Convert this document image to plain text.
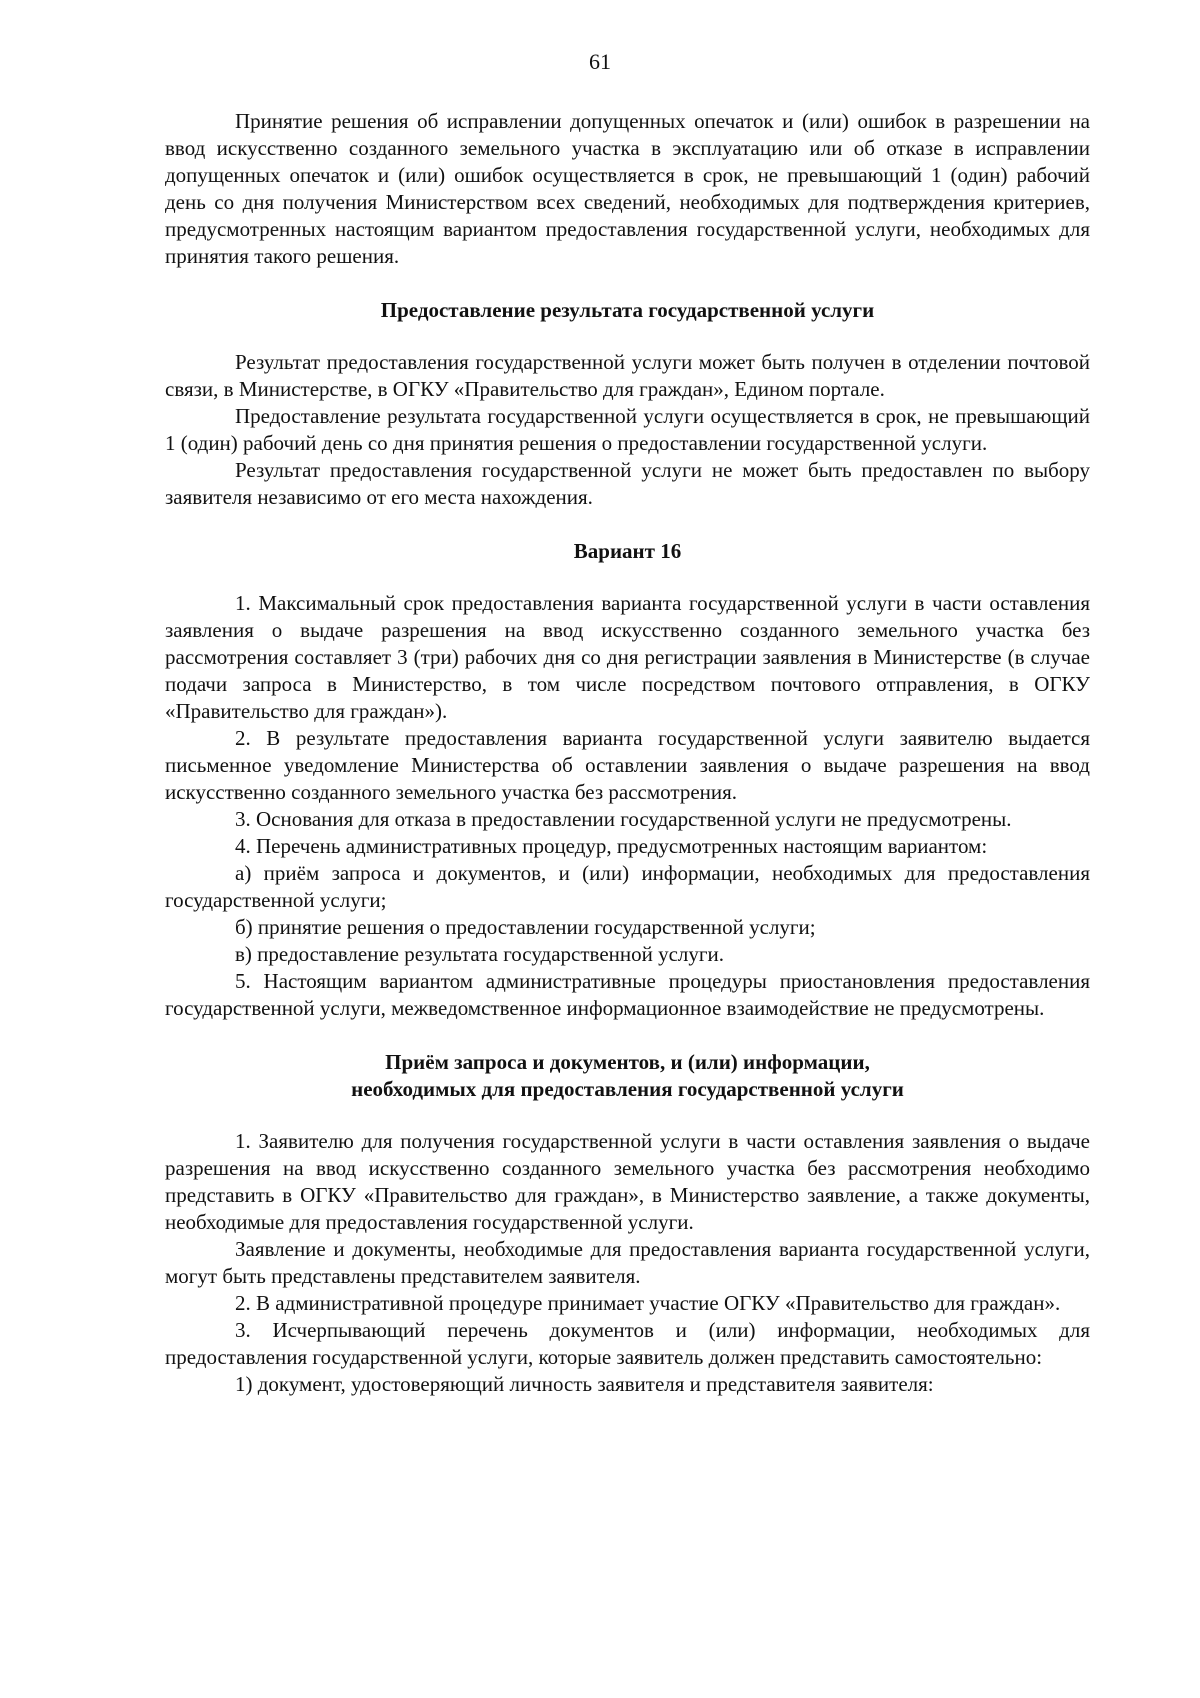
61

Принятие решения об исправлении допущенных опечаток и (или) ошибок в разрешении на ввод искусственно созданного земельного участка в эксплуатацию или об отказе в исправлении допущенных опечаток и (или) ошибок осуществляется в срок, не превышающий 1 (один) рабочий день со дня получения Министерством всех сведений, необходимых для подтверждения критериев, предусмотренных настоящим вариантом предоставления государственной услуги, необходимых для принятия такого решения.

Предоставление результата государственной услуги

Результат предоставления государственной услуги может быть получен в отделении почтовой связи, в Министерстве, в ОГКУ «Правительство для граждан», Едином портале.

Предоставление результата государственной услуги осуществляется в срок, не превышающий 1 (один) рабочий день со дня принятия решения о предоставлении государственной услуги.

Результат предоставления государственной услуги не может быть предоставлен по выбору заявителя независимо от его места нахождения.

Вариант 16

1. Максимальный срок предоставления варианта государственной услуги в части оставления заявления о выдаче разрешения на ввод искусственно созданного земельного участка без рассмотрения составляет 3 (три) рабочих дня со дня регистрации заявления в Министерстве (в случае подачи запроса в Министерство, в том числе посредством почтового отправления, в ОГКУ «Правительство для граждан»).

2. В результате предоставления варианта государственной услуги заявителю выдается письменное уведомление Министерства об оставлении заявления о выдаче разрешения на ввод искусственно созданного земельного участка без рассмотрения.

3. Основания для отказа в предоставлении государственной услуги не предусмотрены.

4. Перечень административных процедур, предусмотренных настоящим вариантом:

а) приём запроса и документов, и (или) информации, необходимых для предоставления государственной услуги;

б) принятие решения о предоставлении государственной услуги;

в) предоставление результата государственной услуги.

5. Настоящим вариантом административные процедуры приостановления предоставления государственной услуги, межведомственное информационное взаимодействие не предусмотрены.

Приём запроса и документов, и (или) информации,
необходимых для предоставления государственной услуги

1. Заявителю для получения государственной услуги в части оставления заявления о выдаче разрешения на ввод искусственно созданного земельного участка без рассмотрения необходимо представить в ОГКУ «Правительство для граждан», в Министерство заявление, а также документы, необходимые для предоставления государственной услуги.

Заявление и документы, необходимые для предоставления варианта государственной услуги, могут быть представлены представителем заявителя.

2. В административной процедуре принимает участие ОГКУ «Правительство для граждан».

3. Исчерпывающий перечень документов и (или) информации, необходимых для предоставления государственной услуги, которые заявитель должен представить самостоятельно:

1) документ, удостоверяющий личность заявителя и представителя заявителя:
